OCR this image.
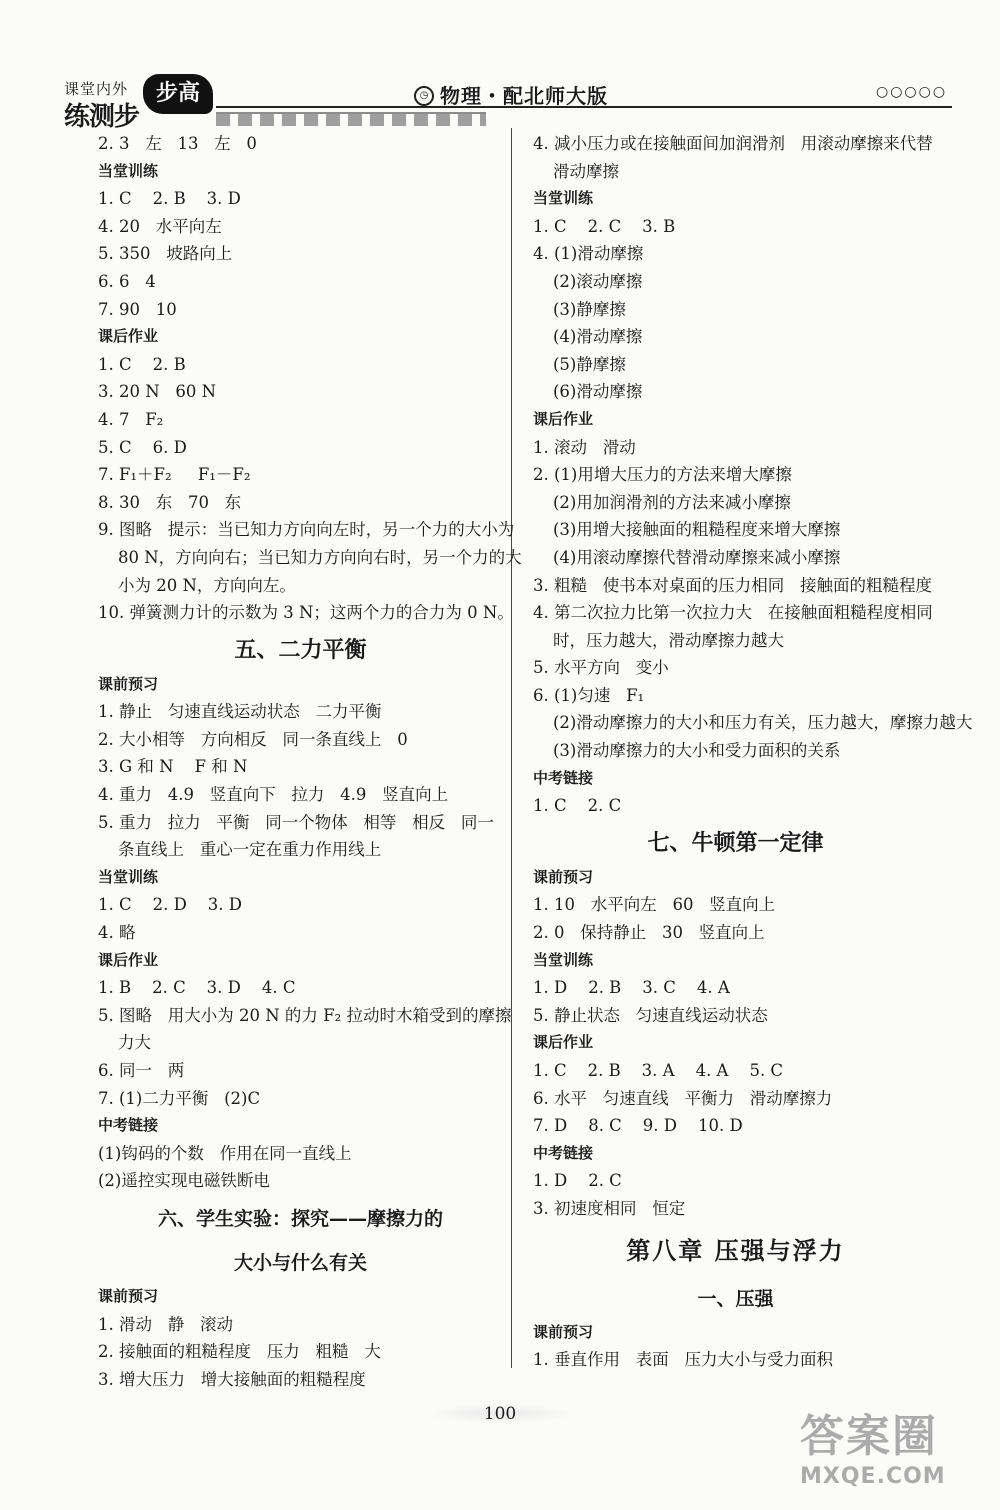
课堂内外
练测步
步高	◷ 物理・配北师大版	○○○○○
2. 3   左   13   左   0
当堂训练
1. C    2. B    3. D
4. 20   水平向左
5. 350   坡路向上
6. 6   4
7. 90   10
课后作业
1. C    2. B
3. 20 N   60 N
4. 7   F₂
5. C    6. D
7. F₁＋F₂     F₁－F₂
8. 30   东   70   东
9. 图略   提示：当已知力方向向左时，另一个力的大小为
80 N，方向向右；当已知力方向向右时，另一个力的大
小为 20 N，方向向左。
10. 弹簧测力计的示数为 3 N；这两个力的合力为 0 N。
五、二力平衡
课前预习
1. 静止   匀速直线运动状态   二力平衡
2. 大小相等   方向相反   同一条直线上   0
3. G 和 N    F 和 N
4. 重力   4.9   竖直向下   拉力   4.9   竖直向上
5. 重力   拉力   平衡   同一个物体   相等   相反   同一
条直线上   重心一定在重力作用线上
当堂训练
1. C    2. D    3. D
4. 略
课后作业
1. B    2. C    3. D    4. C
5. 图略   用大小为 20 N 的力 F₂ 拉动时木箱受到的摩擦
力大
6. 同一   两
7. (1)二力平衡   (2)C
中考链接
(1)钩码的个数   作用在同一直线上
(2)遥控实现电磁铁断电
六、学生实验：探究——摩擦力的
大小与什么有关
课前预习
1. 滑动   静   滚动
2. 接触面的粗糙程度   压力   粗糙   大
3. 增大压力   增大接触面的粗糙程度
4. 减小压力或在接触面间加润滑剂   用滚动摩擦来代替
滑动摩擦
当堂训练
1. C    2. C    3. B
4. (1)滑动摩擦
(2)滚动摩擦
(3)静摩擦
(4)滑动摩擦
(5)静摩擦
(6)滑动摩擦
课后作业
1. 滚动   滑动
2. (1)用增大压力的方法来增大摩擦
(2)用加润滑剂的方法来减小摩擦
(3)用增大接触面的粗糙程度来增大摩擦
(4)用滚动摩擦代替滑动摩擦来减小摩擦
3. 粗糙   使书本对桌面的压力相同   接触面的粗糙程度
4. 第二次拉力比第一次拉力大   在接触面粗糙程度相同
时，压力越大，滑动摩擦力越大
5. 水平方向   变小
6. (1)匀速   F₁
(2)滑动摩擦力的大小和压力有关，压力越大，摩擦力越大
(3)滑动摩擦力的大小和受力面积的关系
中考链接
1. C    2. C
七、牛顿第一定律
课前预习
1. 10   水平向左   60   竖直向上
2. 0   保持静止   30   竖直向上
当堂训练
1. D    2. B    3. C    4. A
5. 静止状态   匀速直线运动状态
课后作业
1. C    2. B    3. A    4. A    5. C
6. 水平   匀速直线   平衡力   滑动摩擦力
7. D    8. C    9. D    10. D
中考链接
1. D    2. C
3. 初速度相同   恒定
第八章 压强与浮力
一、压强
课前预习
1. 垂直作用   表面   压力大小与受力面积
100	答案圈
MXQE.COM
